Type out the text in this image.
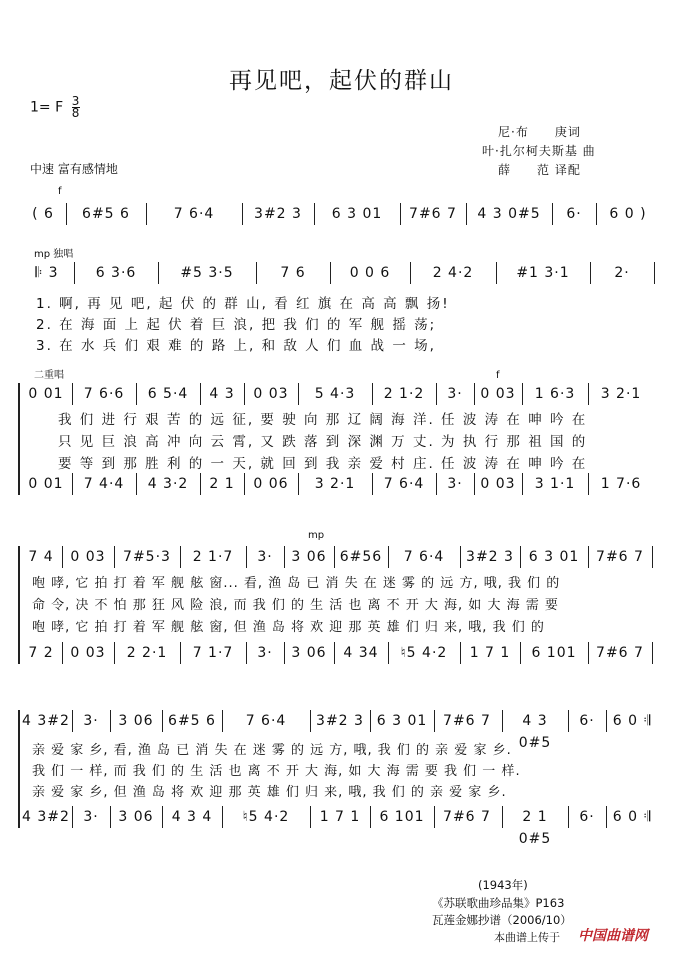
再见吧，起伏的群山
1= F $\frac{3}{8}$
尼·布　　庚词
叶·扎尔柯夫斯基 曲
薛　　范 译配
中速 富有感情地
f
( 6	6#5 6	7 6·4	3#2 3	6 3 01	7#6 7	4 3 0#5	6·	6 0 )
mp 独唱
𝄆 3	6 3·6	#5 3·5	7 6	0 0 6	2 4·2	#1 3·1	2·
1. 啊, 再 见 吧, 起 伏 的 群 山, 看 红 旗 在 高 高 飘 扬!
2. 在 海 面 上 起 伏 着 巨 浪, 把 我 们 的 军 舰 摇 荡;
3. 在 水 兵 们 艰 难 的 路 上, 和 敌 人 们 血 战 一 场,
二重唱	f
0 01	7 6·6	6 5·4	4 3	0 03	5 4·3	2 1·2	3·	0 03	1 6·3	3 2·1
我 们 进 行 艰 苦 的 远 征, 要 驶 向 那 辽 阔 海 洋. 任 波 涛 在 呻 吟 在
只 见 巨 浪 高 冲 向 云 霄, 又 跌 落 到 深 渊 万 丈. 为 执 行 那 祖 国 的
要 等 到 那 胜 利 的 一 天, 就 回 到 我 亲 爱 村 庄. 任 波 涛 在 呻 吟 在
0 01	7 4·4	4 3·2	2 1	0 06	3 2·1	7 6·4	3·	0 03	3 1·1	1 7·6
mp
7 4	0 03	7#5·3	2 1·7	3·	3 06 6#56	7 6·4	3#2 3	6 3 01	7#6 7
咆 哮, 它 拍 打 着 军 舰 舷 窗... 看, 渔 岛 已 消 失 在 迷 雾 的 远 方, 哦, 我 们 的
命 令, 决 不 怕 那 狂 风 险 浪, 而 我 们 的 生 活 也 离 不 开 大 海, 如 大 海 需 要
咆 哮, 它 拍 打 着 军 舰 舷 窗, 但 渔 岛 将 欢 迎 那 英 雄 们 归 来, 哦, 我 们 的
7 2	0 03	2 2·1	7 1·7	3·	3 06	4 34	♮5 4·2	1 7 1	6 101	7#6 7
4 3#2 3·	3 06	6#5 6	7 6·4	3#2 3 6 3 01	7#6 7	4 3 0#5
6·	6 0 𝄇
亲 爱 家 乡, 看, 渔 岛 已 消 失 在 迷 雾 的 远 方, 哦, 我 们 的 亲 爱 家 乡.
我 们 一 样, 而 我 们 的 生 活 也 离 不 开 大 海, 如 大 海 需 要 我 们 一 样.
亲 爱 家 乡, 但 渔 岛 将 欢 迎 那 英 雄 们 归 来, 哦, 我 们 的 亲 爱 家 乡.
4 3#2 3·	3 06	4 3 4	♮5 4·2	1 7 1	6 101	7#6 7	2 1 0#5
6·	6 0 𝄇
(1943年)
《苏联歌曲珍品集》P163
瓦莲金娜抄谱（2006/10）
本曲谱上传于 中国曲谱网
